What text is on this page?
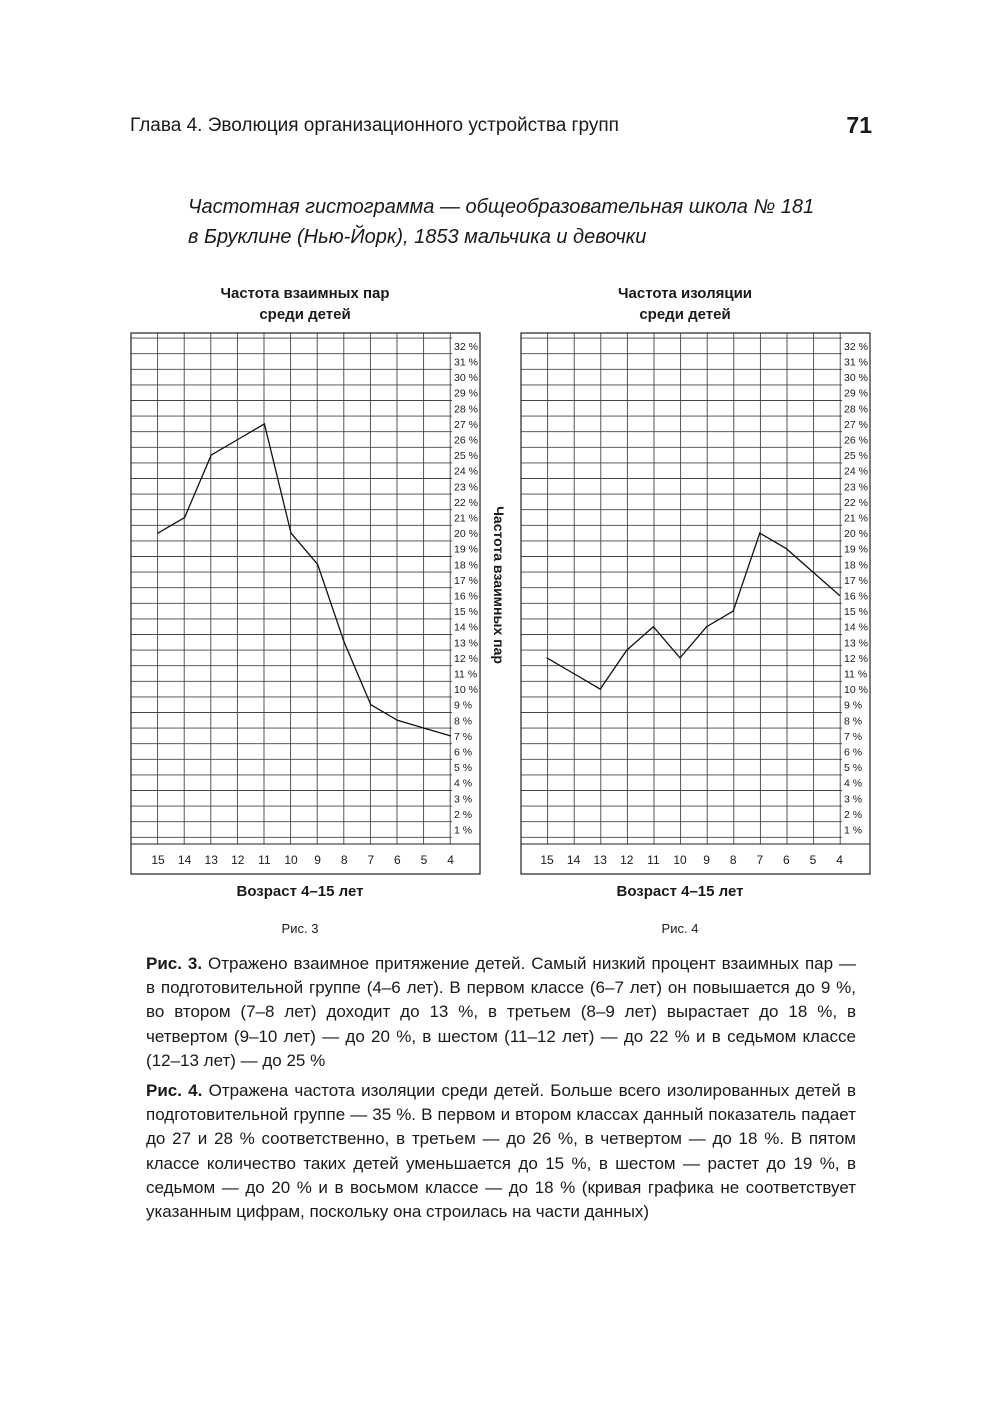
Глава 4. Эволюция организационного устройства групп	71
Частотная гистограмма — общеобразовательная школа № 181
в Бруклине (Нью-Йорк), 1853 мальчика и девочки
Частота взаимных пар
среди детей
32 %
31 %
30 %
29 %
28 %
27 %
26 %
25 %
24 %
23 %
22 %
21 %
20 %
19 %
18 %
17 %
16 %
15 %
14 %
13 %
12 %
11 %
10 %
9 %
8 %
7 %
6 %
5 %
4 %
3 %
2 %
1 %
15 14 13 12 11 10 9 8 7 6 5 4
Возраст 4–15 лет
Рис. 3
Частота взаимных пар
Частота изоляции
среди детей
32 %
31 %
30 %
29 %
28 %
27 %
26 %
25 %
24 %
23 %
22 %
21 %
20 %
19 %
18 %
17 %
16 %
15 %
14 %
13 %
12 %
11 %
10 %
9 %
8 %
7 %
6 %
5 %
4 %
3 %
2 %
1 %
15 14 13 12 11 10 9 8 7 6 5 4
Возраст 4–15 лет
Рис. 4

Рис. 3. Отражено взаимное притяжение детей. Самый низкий процент взаимных пар — в подготовительной группе (4–6 лет). В первом классе (6–7 лет) он повышается до 9 %, во втором (7–8 лет) доходит до 13 %, в третьем (8–9 лет) вырастает до 18 %, в четвертом (9–10 лет) — до 20 %, в шестом (11–12 лет) — до 22 % и в седьмом классе (12–13 лет) — до 25 %

Рис. 4. Отражена частота изоляции среди детей. Больше всего изолированных детей в подготовительной группе — 35 %. В первом и втором классах данный показатель падает до 27 и 28 % соответственно, в третьем — до 26 %, в четвертом — до 18 %. В пятом классе количество таких детей уменьшается до 15 %, в шестом — растет до 19 %, в седьмом — до 20 % и в восьмом классе — до 18 % (кривая графика не соответствует указанным цифрам, поскольку она строилась на части данных)
